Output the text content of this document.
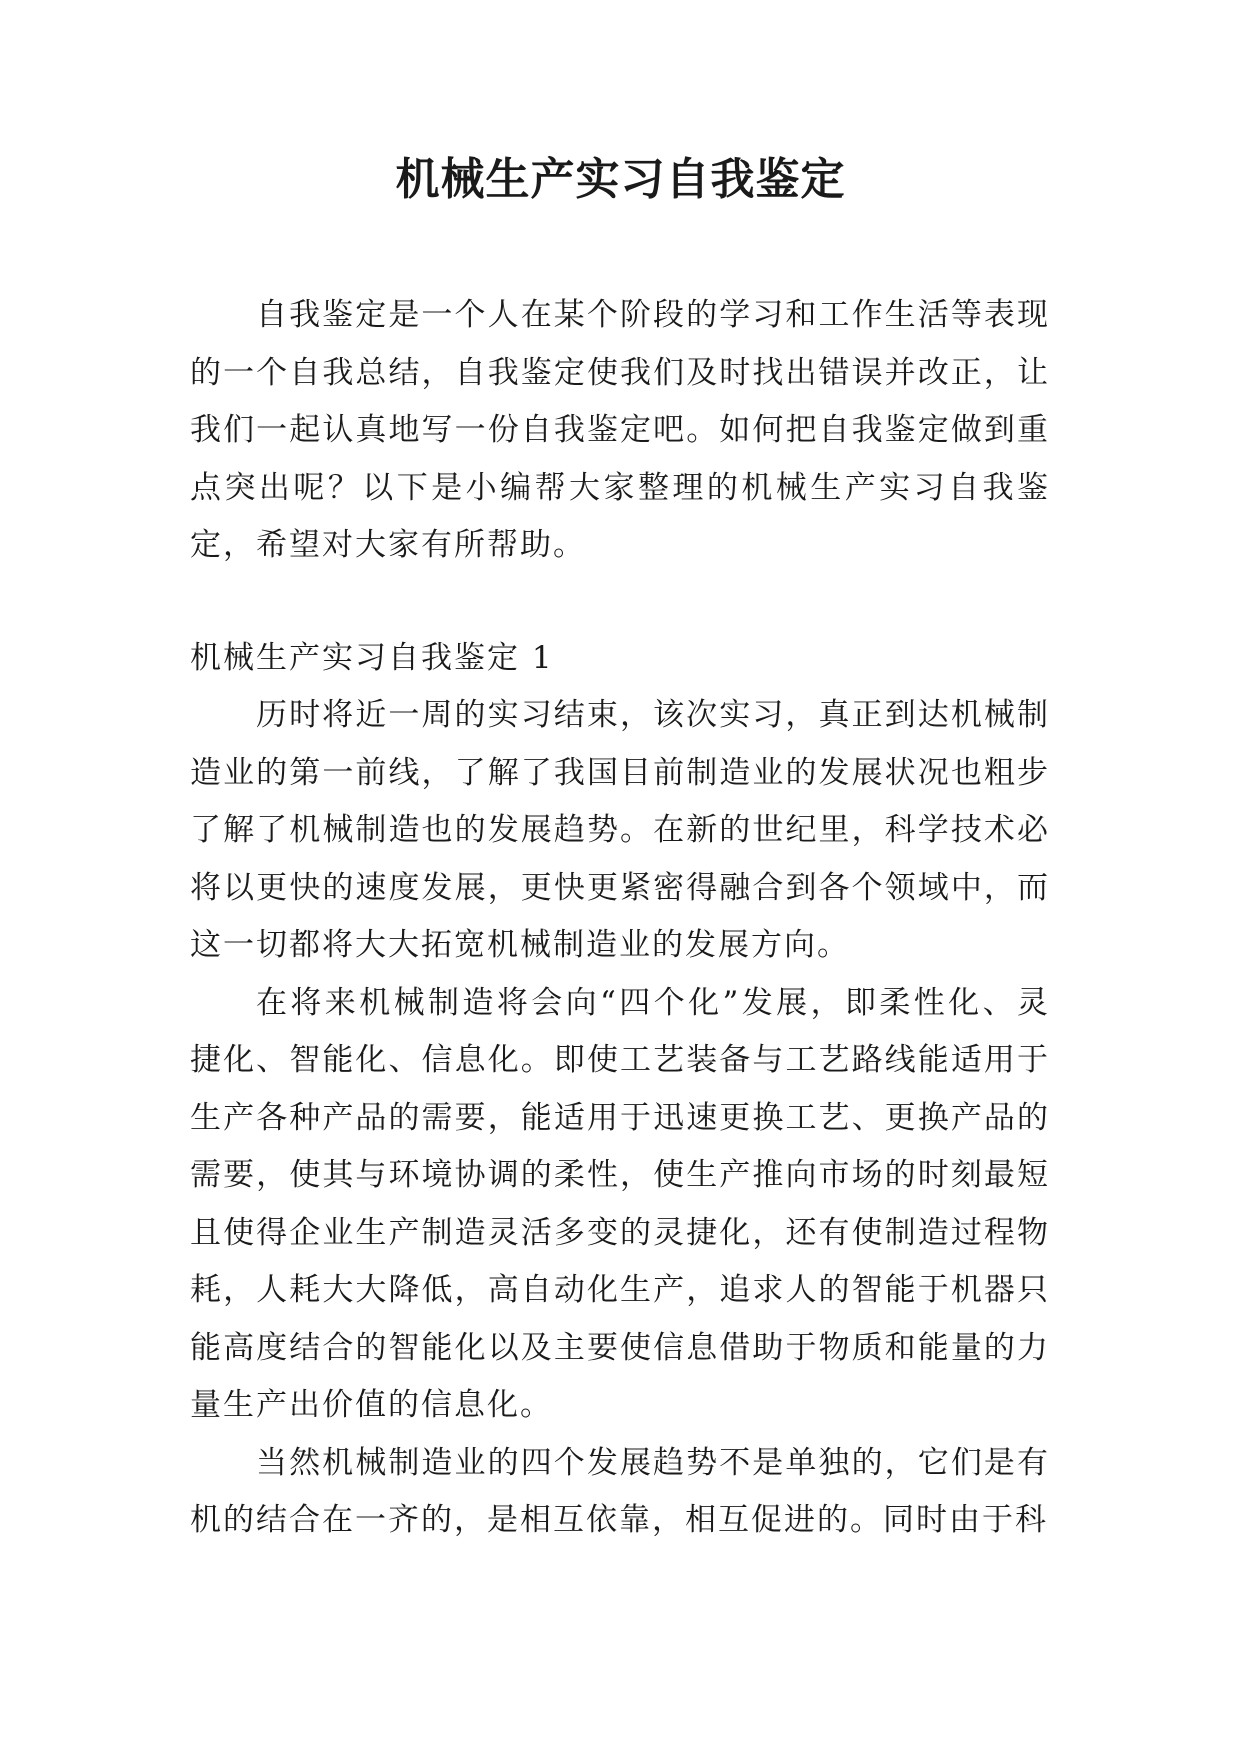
机械生产实习自我鉴定

自我鉴定是一个人在某个阶段的学习和工作生活等表现的一个自我总结，自我鉴定使我们及时找出错误并改正，让我们一起认真地写一份自我鉴定吧。如何把自我鉴定做到重点突出呢？以下是小编帮大家整理的机械生产实习自我鉴定，希望对大家有所帮助。

机械生产实习自我鉴定 1

历时将近一周的实习结束，该次实习，真正到达机械制造业的第一前线，了解了我国目前制造业的发展状况也粗步了解了机械制造也的发展趋势。在新的世纪里，科学技术必将以更快的速度发展，更快更紧密得融合到各个领域中，而这一切都将大大拓宽机械制造业的发展方向。

在将来机械制造将会向“四个化”发展，即柔性化、灵捷化、智能化、信息化。即使工艺装备与工艺路线能适用于生产各种产品的需要，能适用于迅速更换工艺、更换产品的需要，使其与环境协调的柔性，使生产推向市场的时刻最短且使得企业生产制造灵活多变的灵捷化，还有使制造过程物耗，人耗大大降低，高自动化生产，追求人的智能于机器只能高度结合的智能化以及主要使信息借助于物质和能量的力量生产出价值的信息化。

当然机械制造业的四个发展趋势不是单独的，它们是有机的结合在一齐的，是相互依靠，相互促进的。同时由于科
